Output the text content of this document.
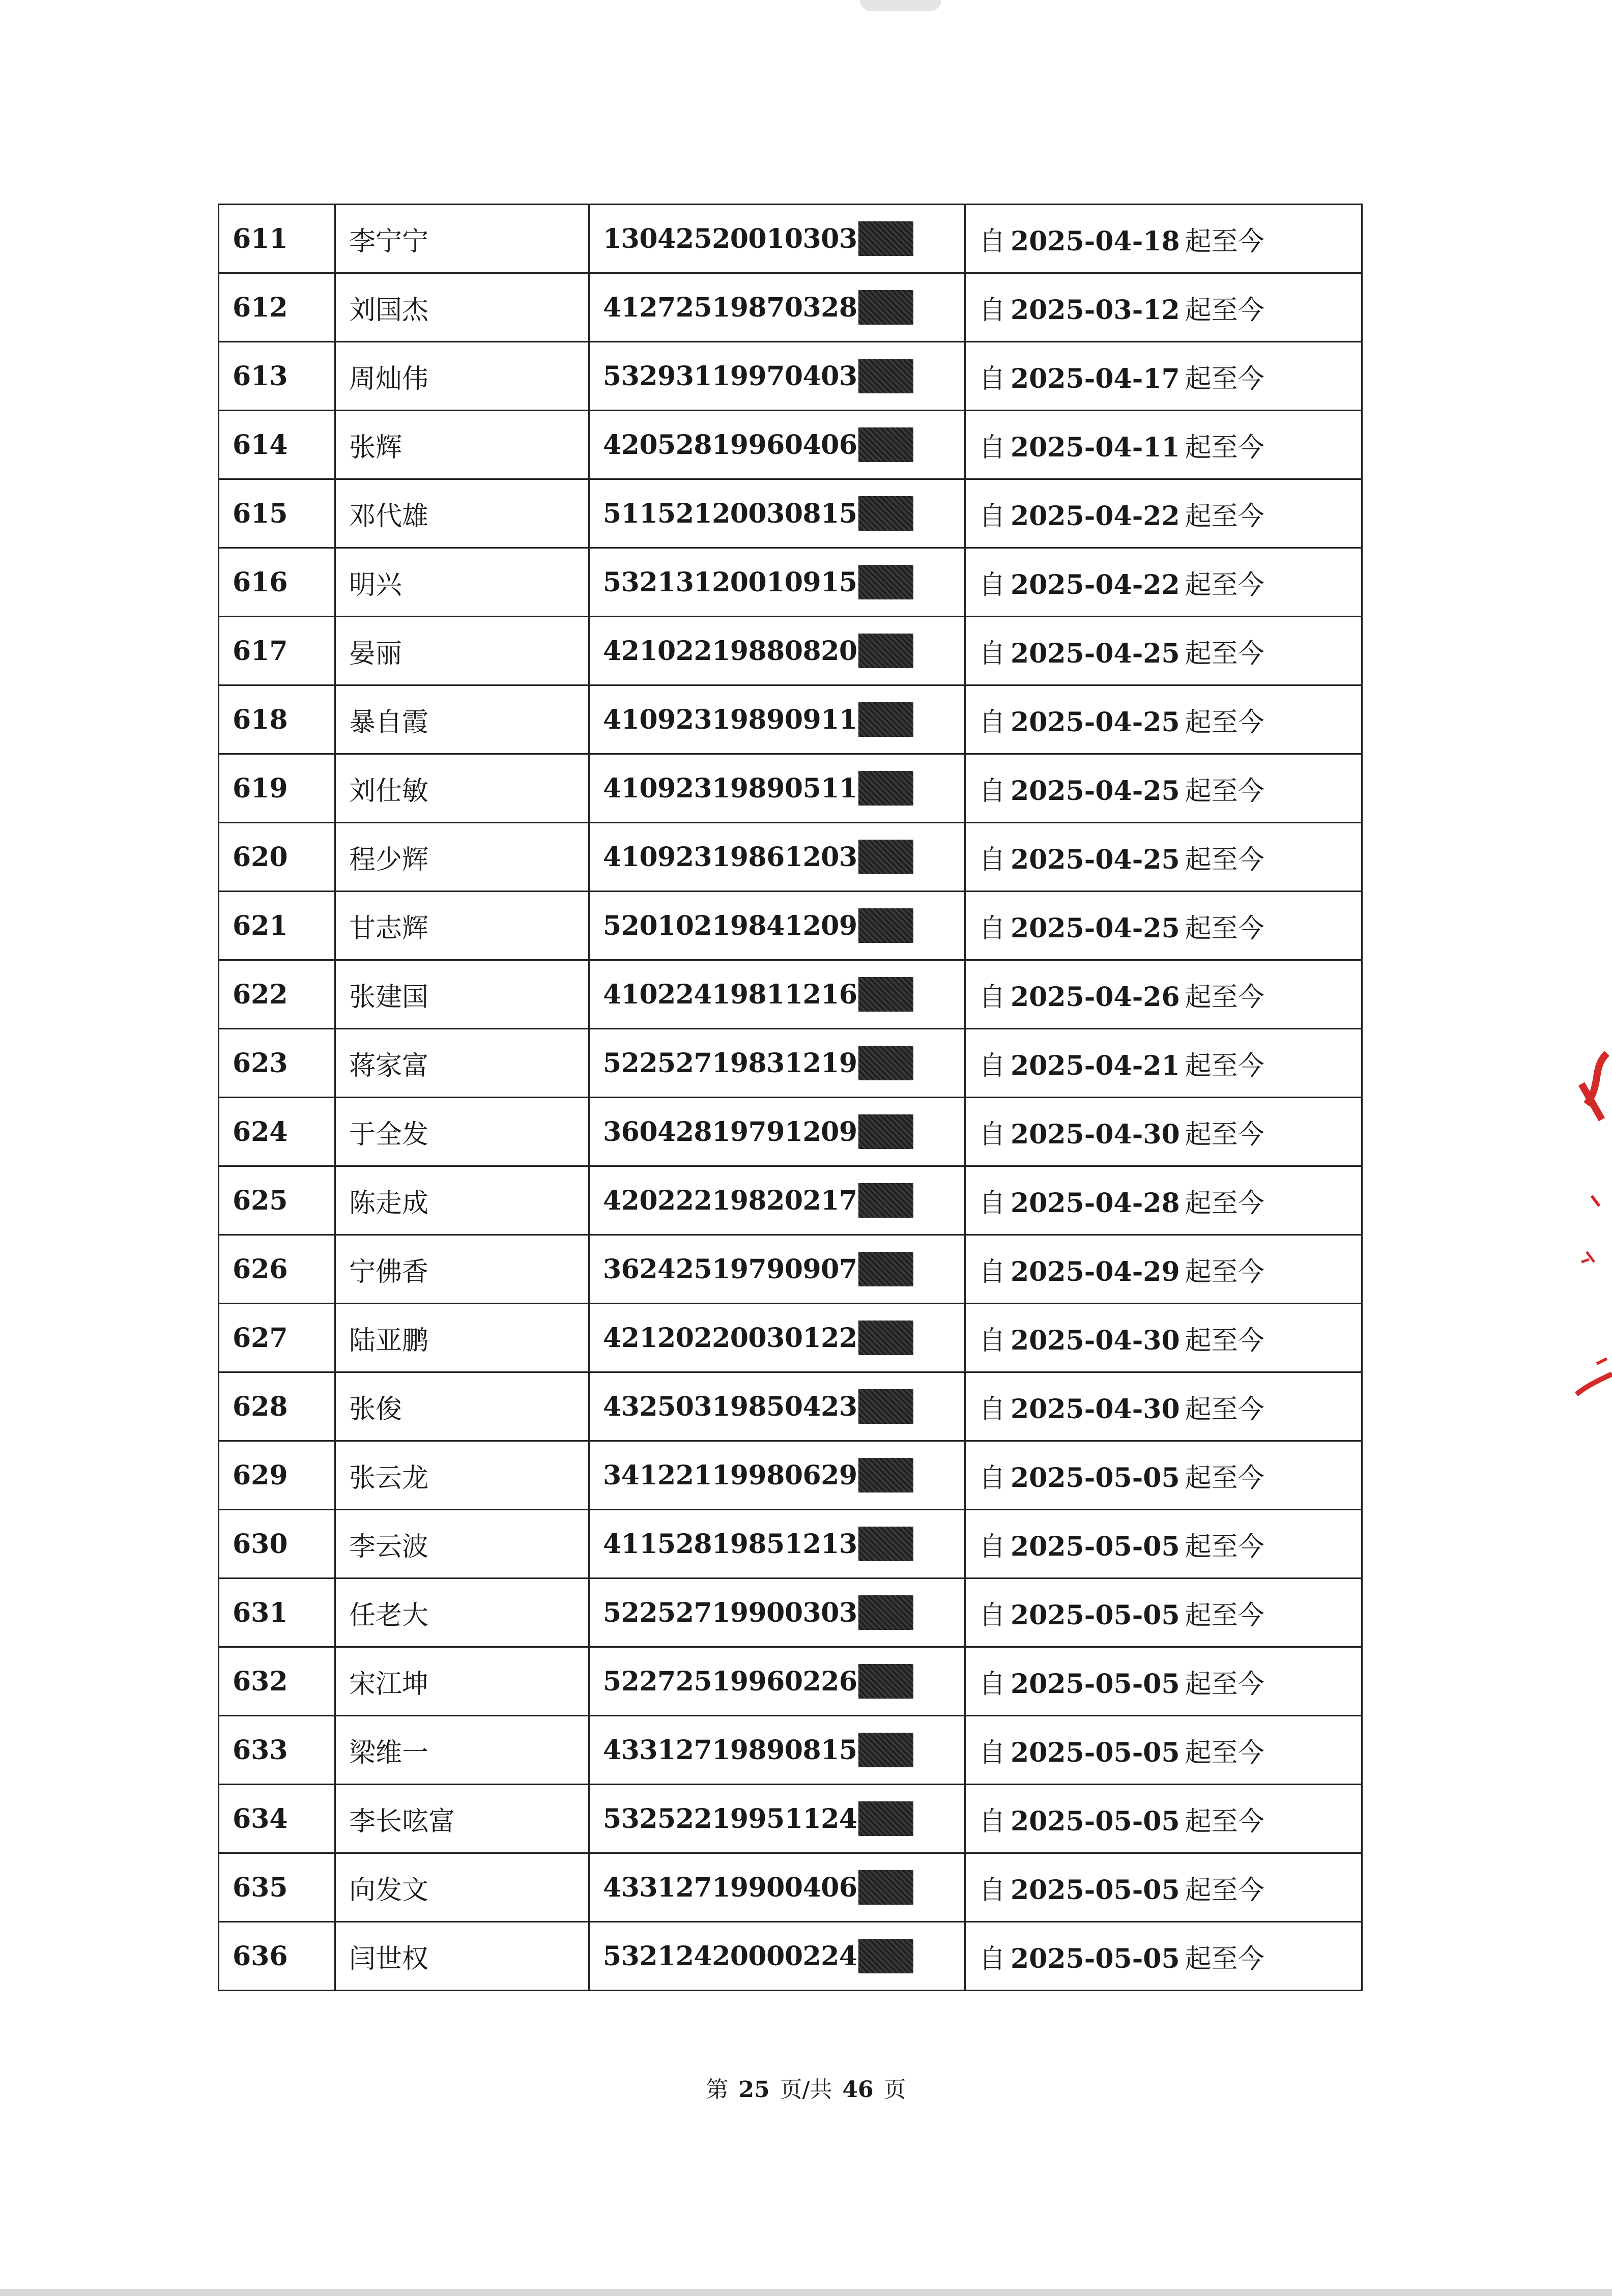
611	李宁宁	13042520010303	自 2025-04-18 起至今
612	刘国杰	41272519870328	自 2025-03-12 起至今
613	周灿伟	53293119970403	自 2025-04-17 起至今
614	张辉	42052819960406	自 2025-04-11 起至今
615	邓代雄	51152120030815	自 2025-04-22 起至今
616	明兴	53213120010915	自 2025-04-22 起至今
617	晏丽	42102219880820	自 2025-04-25 起至今
618	暴自霞	41092319890911	自 2025-04-25 起至今
619	刘仕敏	41092319890511	自 2025-04-25 起至今
620	程少辉	41092319861203	自 2025-04-25 起至今
621	甘志辉	52010219841209	自 2025-04-25 起至今
622	张建国	41022419811216	自 2025-04-26 起至今
623	蒋家富	52252719831219	自 2025-04-21 起至今
624	于全发	36042819791209	自 2025-04-30 起至今
625	陈走成	42022219820217	自 2025-04-28 起至今
626	宁佛香	36242519790907	自 2025-04-29 起至今
627	陆亚鹏	42120220030122	自 2025-04-30 起至今
628	张俊	43250319850423	自 2025-04-30 起至今
629	张云龙	34122119980629	自 2025-05-05 起至今
630	李云波	41152819851213	自 2025-05-05 起至今
631	任老大	52252719900303	自 2025-05-05 起至今
632	宋江坤	52272519960226	自 2025-05-05 起至今
633	梁维一	43312719890815	自 2025-05-05 起至今
634	李长呟富	53252219951124	自 2025-05-05 起至今
635	向发文	43312719900406	自 2025-05-05 起至今
636	闫世权	53212420000224	自 2025-05-05 起至今
第 25 页/共 46 页
